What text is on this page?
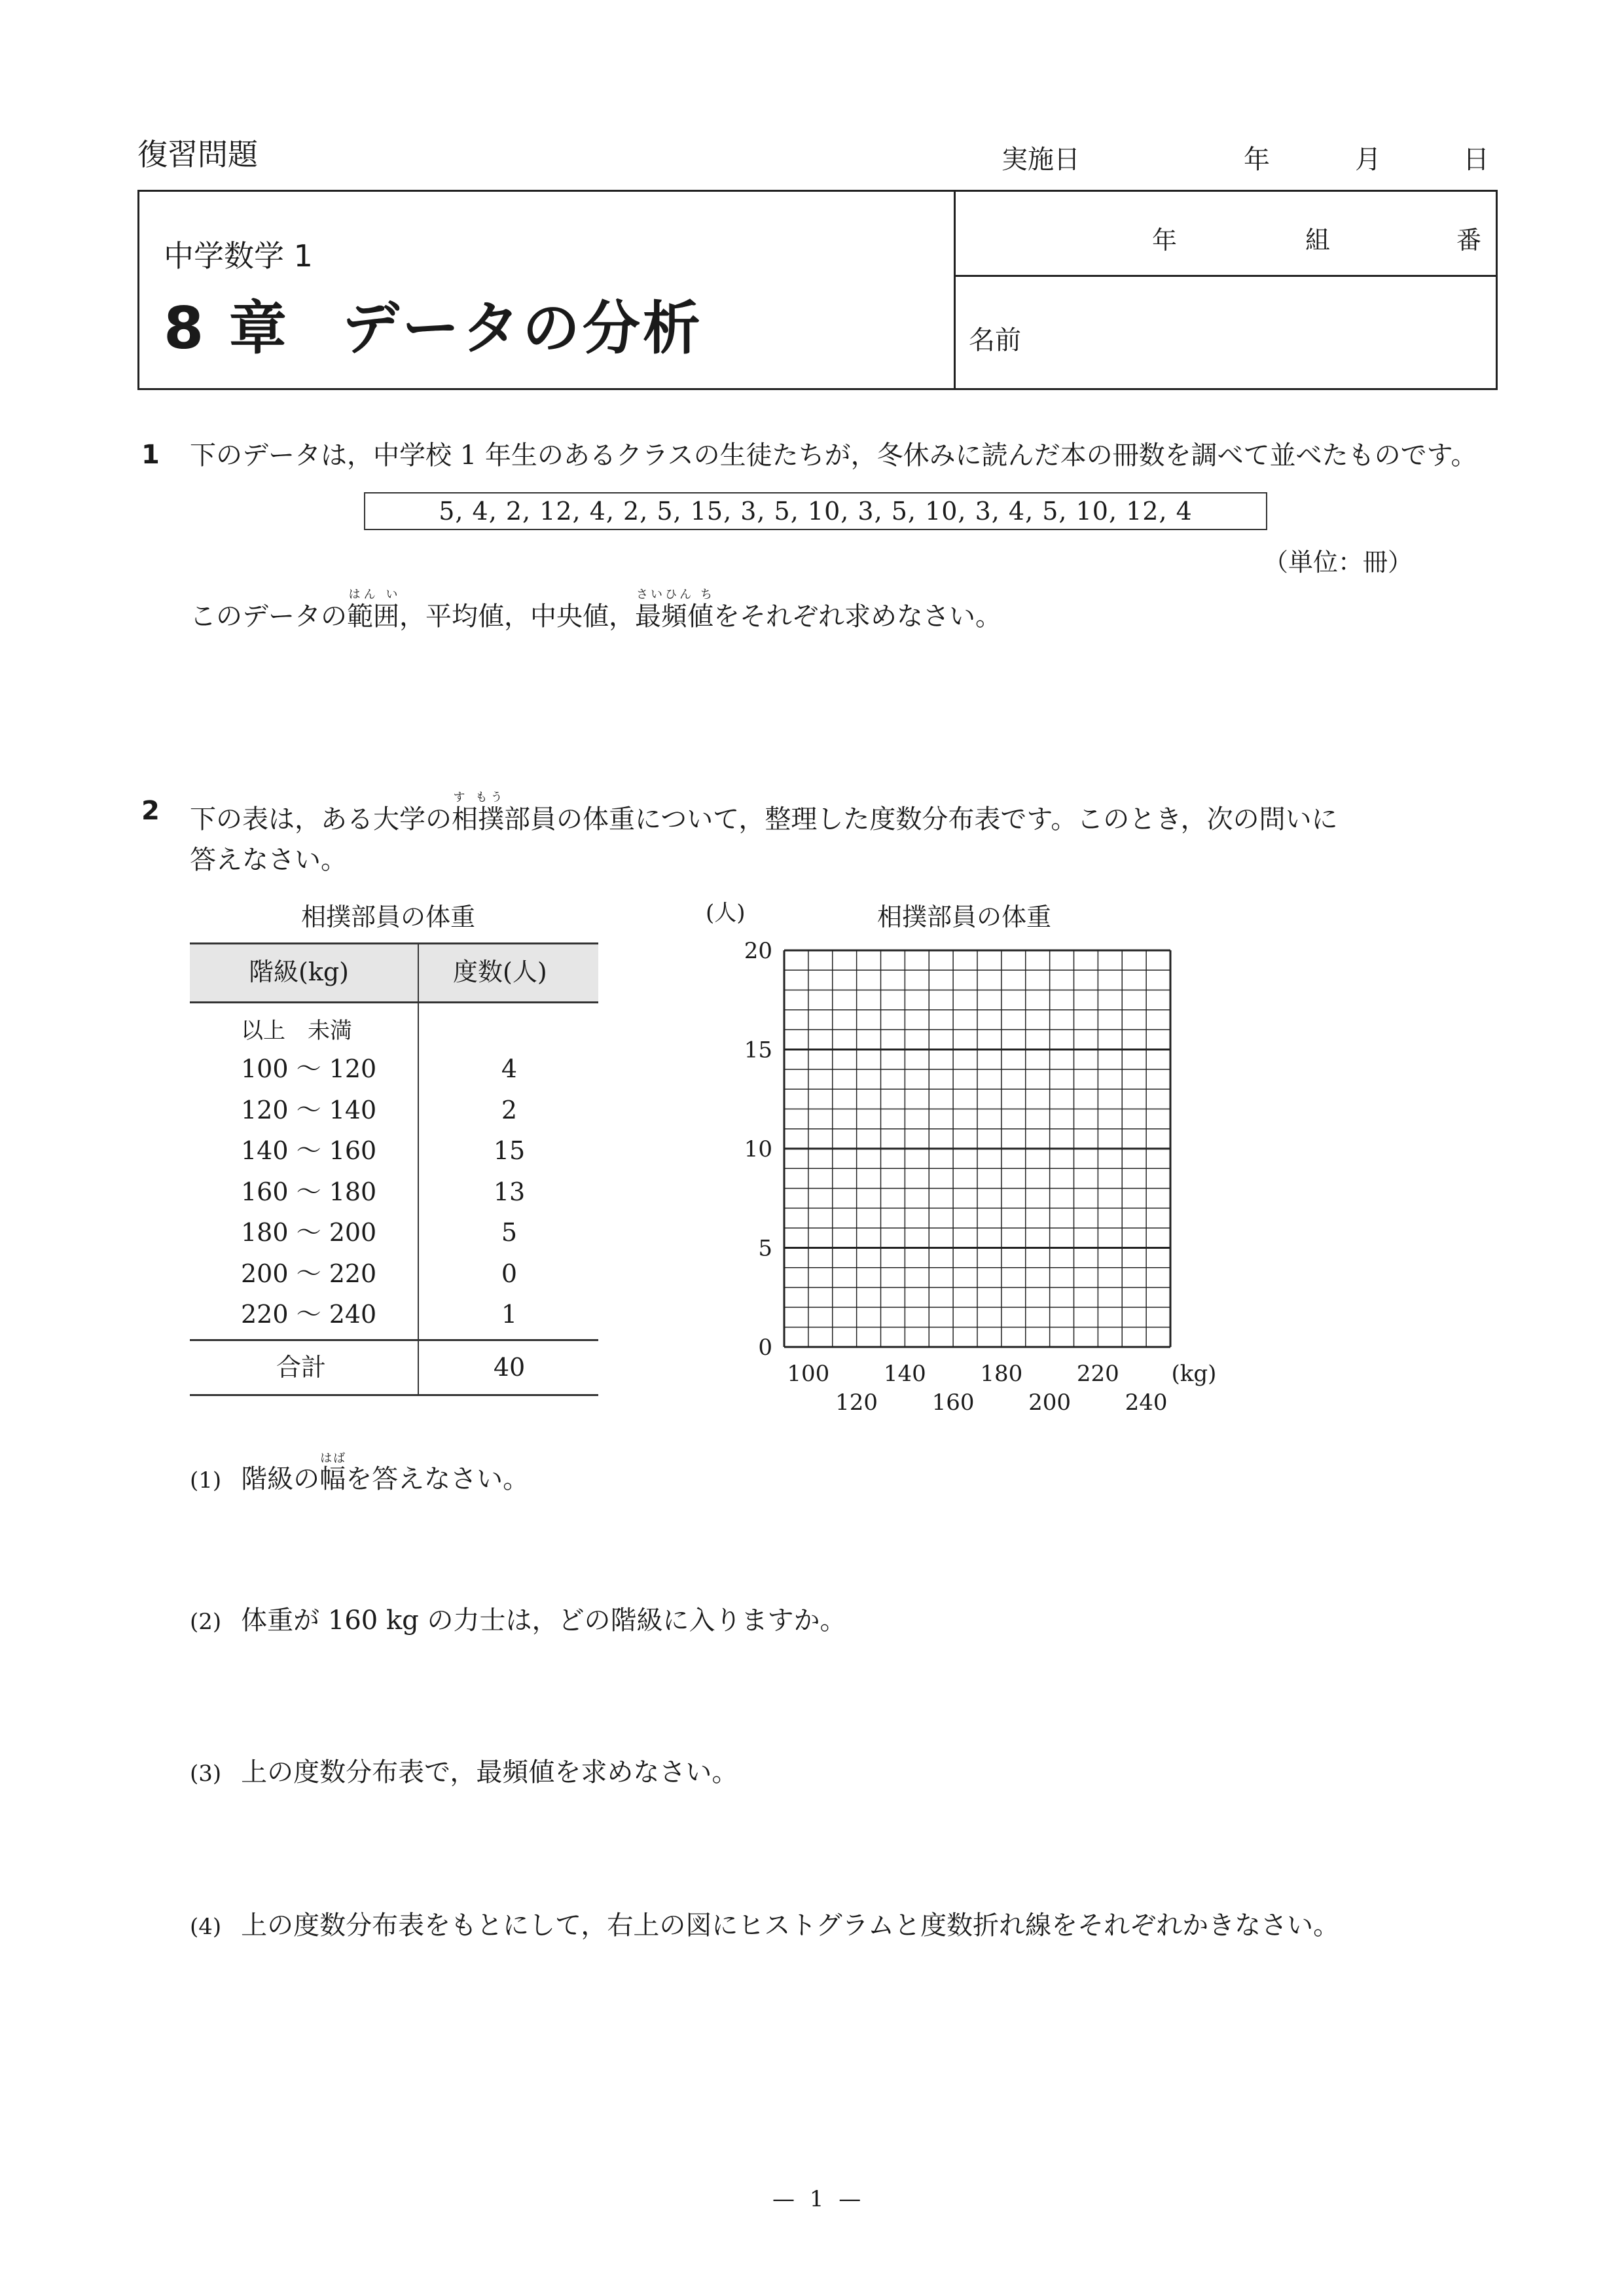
復習問題	実施日	年	月	日
中学数学 1
8 章 データの分析
年	組	番
名前
1 下のデータは，中学校 1 年生のあるクラスの生徒たちが，冬休みに読んだ本の冊数を調べて並べたものです。
5, 4, 2, 12, 4, 2, 5, 15, 3, 5, 10, 3, 5, 10, 3, 4, 5, 10, 12, 4
（単位：冊）
このデータの範囲はん い，平均値，中央値，最頻値さいひん ちをそれぞれ求めなさい。
2 下の表は，ある大学の相撲す もう部員の体重について，整理した度数分布表です。このとき，次の問いに
答えなさい。
相撲部員の体重
階級(kg)	度数(人)
以上　未満
100 〜 120	4
120 〜 140	2
140 〜 160	15
160 〜 180	13
180 〜 200	5
200 〜 220	0
220 〜 240	1
合計	40
相撲部員の体重
0
5
10
15
20
(人)
100 140 180 220
120 160 200 240
(kg)
(1) 階級の幅はばを答えなさい。
(2) 体重が 160 kg の力士は，どの階級に入りますか。
(3) 上の度数分布表で，最頻値を求めなさい。
(4) 上の度数分布表をもとにして，右上の図にヒストグラムと度数折れ線をそれぞれかきなさい。
— 1 —
